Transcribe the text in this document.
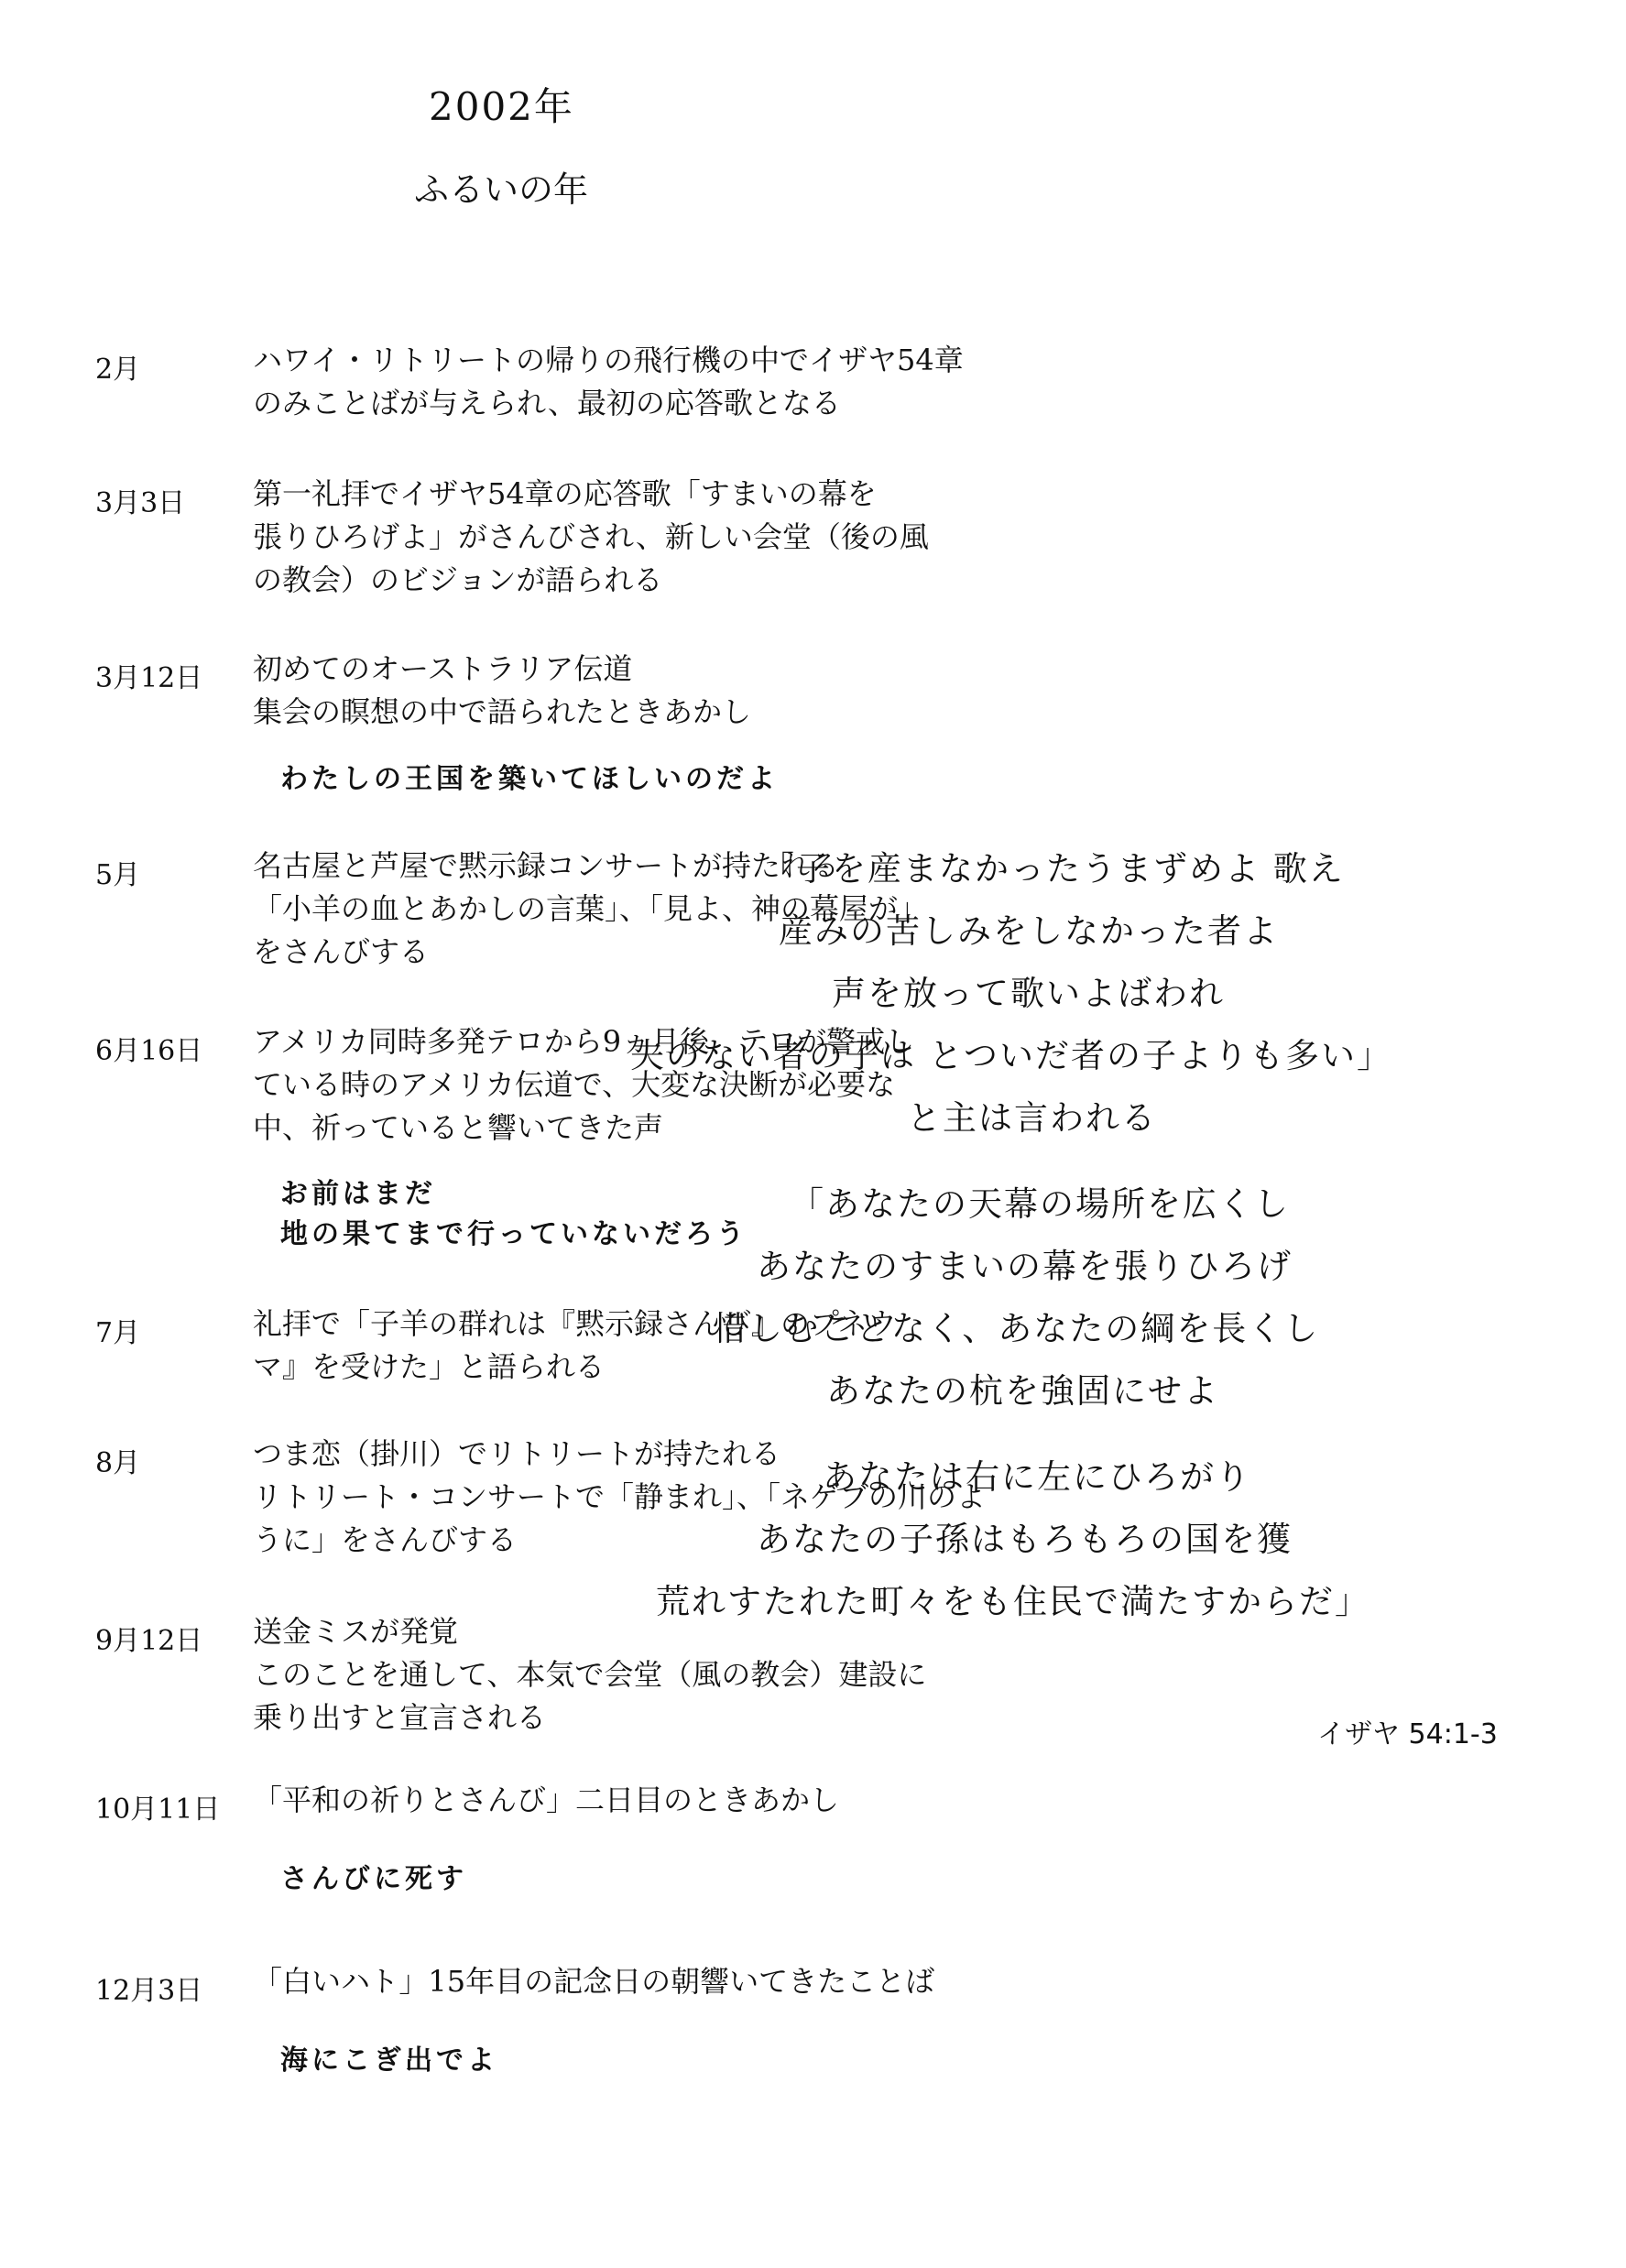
2002年
ふるいの年
2月	ハワイ・リトリートの帰りの飛行機の中でイザヤ54章
のみことばが与えられ、最初の応答歌となる
3月3日 第一礼拝でイザヤ54章の応答歌「すまいの幕を
張りひろげよ」がさんびされ、新しい会堂（後の風
の教会）のビジョンが語られる
3月12日 初めてのオーストラリア伝道
集会の瞑想の中で語られたときあかし
わたしの王国を築いてほしいのだよ
5月	名古屋と芦屋で黙示録コンサートが持たれる
「小羊の血とあかしの言葉」、「見よ、神の幕屋が」
をさんびする
6月16日 アメリカ同時多発テロから9ヵ月後、テロが警戒し
ている時のアメリカ伝道で、大変な決断が必要な
中、祈っていると響いてきた声
お前はまだ
地の果てまで行っていないだろう
7月	礼拝で「子羊の群れは『黙示録さんび』のプネウ
マ』を受けた」と語られる
8月	つま恋（掛川）でリトリートが持たれる
リトリート・コンサートで「静まれ」、「ネゲブの川のよ
うに」をさんびする
9月12日 送金ミスが発覚
このことを通して、本気で会堂（風の教会）建設に
乗り出すと宣言される
10月11日 「平和の祈りとさんび」二日目のときあかし
さんびに死す
12月3日 「白いハト」15年目の記念日の朝響いてきたことば
海にこぎ出でよ
「子を産まなかったうまずめよ 歌え
産みの苦しみをしなかった者よ
声を放って歌いよばわれ
夫のない者の子は とついだ者の子よりも多い」
と主は言われる
「あなたの天幕の場所を広くし
あなたのすまいの幕を張りひろげ
惜しむことなく、あなたの綱を長くし
あなたの杭を強固にせよ
あなたは右に左にひろがり
あなたの子孫はもろもろの国を獲
荒れすたれた町々をも住民で満たすからだ」
イザヤ 54:1-3
